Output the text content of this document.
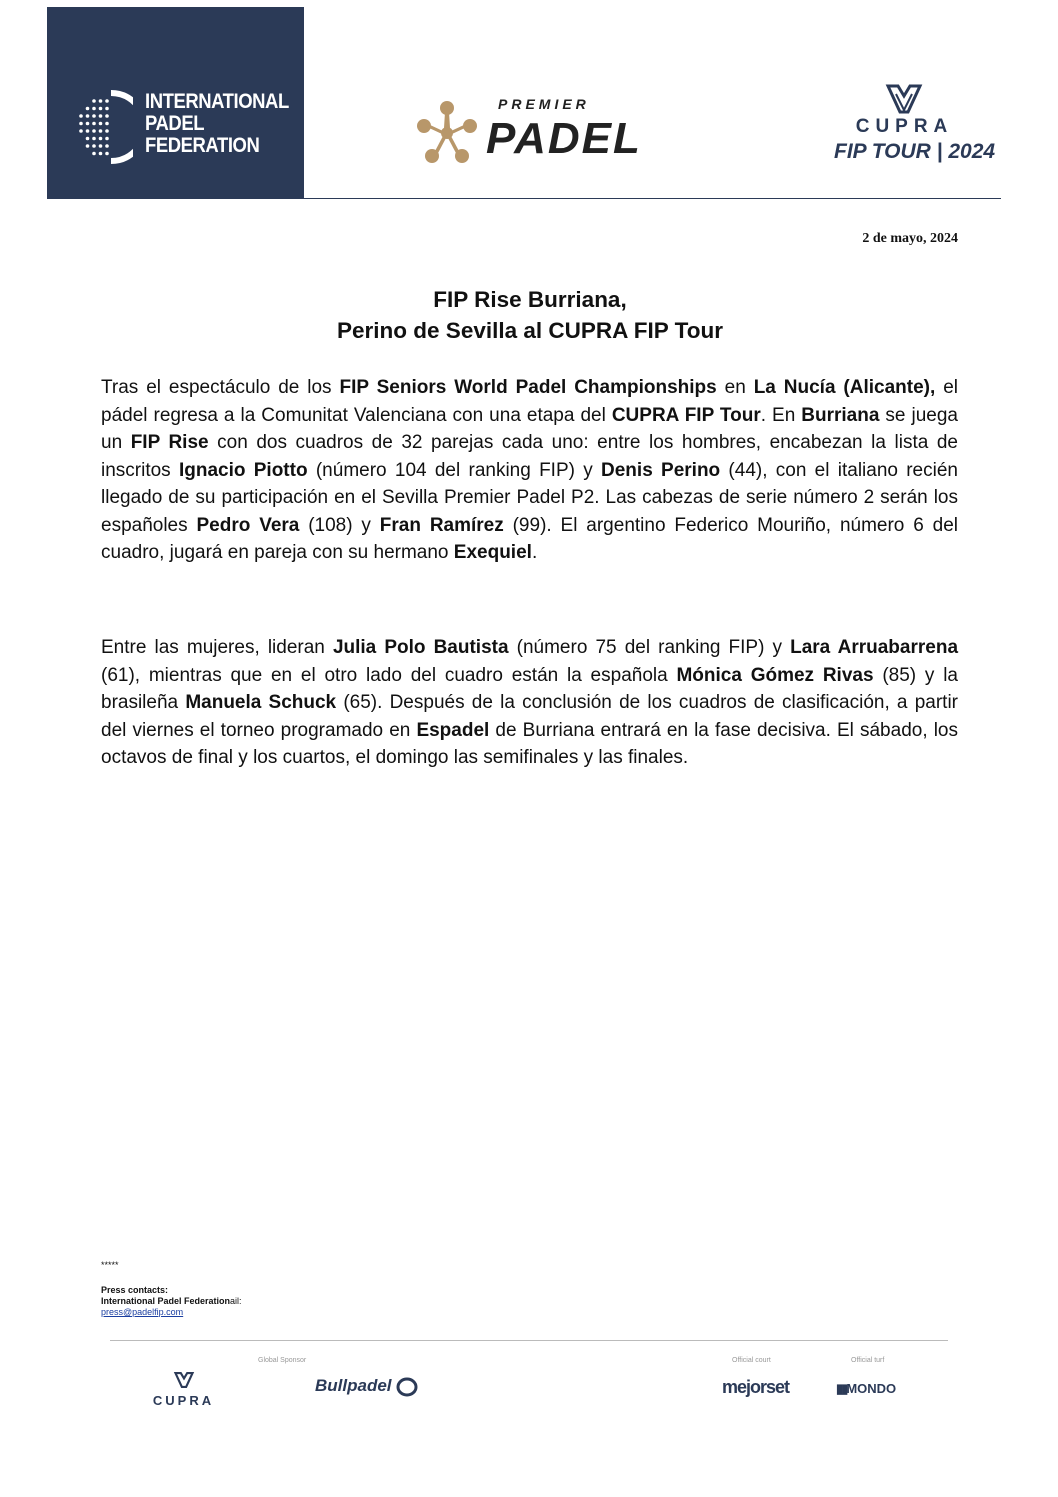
INTERNATIONAL
PADEL
FEDERATION
PREMIER
PADEL	CUPRA
FIP TOUR | 2024
2 de mayo, 2024
FIP Rise Burriana,
Perino de Sevilla al CUPRA FIP Tour
Tras el espectáculo de los FIP Seniors World Padel Championships en La Nucía (Alicante), el pádel regresa a la Comunitat Valenciana con una etapa del CUPRA FIP Tour. En Burriana se juega un FIP Rise con dos cuadros de 32 parejas cada uno: entre los hombres, encabezan la lista de inscritos Ignacio Piotto (número 104 del ranking FIP) y Denis Perino (44), con el italiano recién llegado de su participación en el Sevilla Premier Padel P2. Las cabezas de serie número 2 serán los españoles Pedro Vera (108) y Fran Ramírez (99). El argentino Federico Mouriño, número 6 del cuadro, jugará en pareja con su hermano Exequiel.
Entre las mujeres, lideran Julia Polo Bautista (número 75 del ranking FIP) y Lara Arruabarrena (61), mientras que en el otro lado del cuadro están la española Mónica Gómez Rivas (85) y la brasileña Manuela Schuck (65). Después de la conclusión de los cuadros de clasificación, a partir del viernes el torneo programado en Espadel de Burriana entrará en la fase decisiva. El sábado, los octavos de final y los cuartos, el domingo las semifinales y las finales.
*****
Press contacts:
International Padel Federationail:
press@padelfip.com
Global Sponsor	Official court	Official turf
CUPRA
Bullpadel	mejorset	▮▮MONDO
